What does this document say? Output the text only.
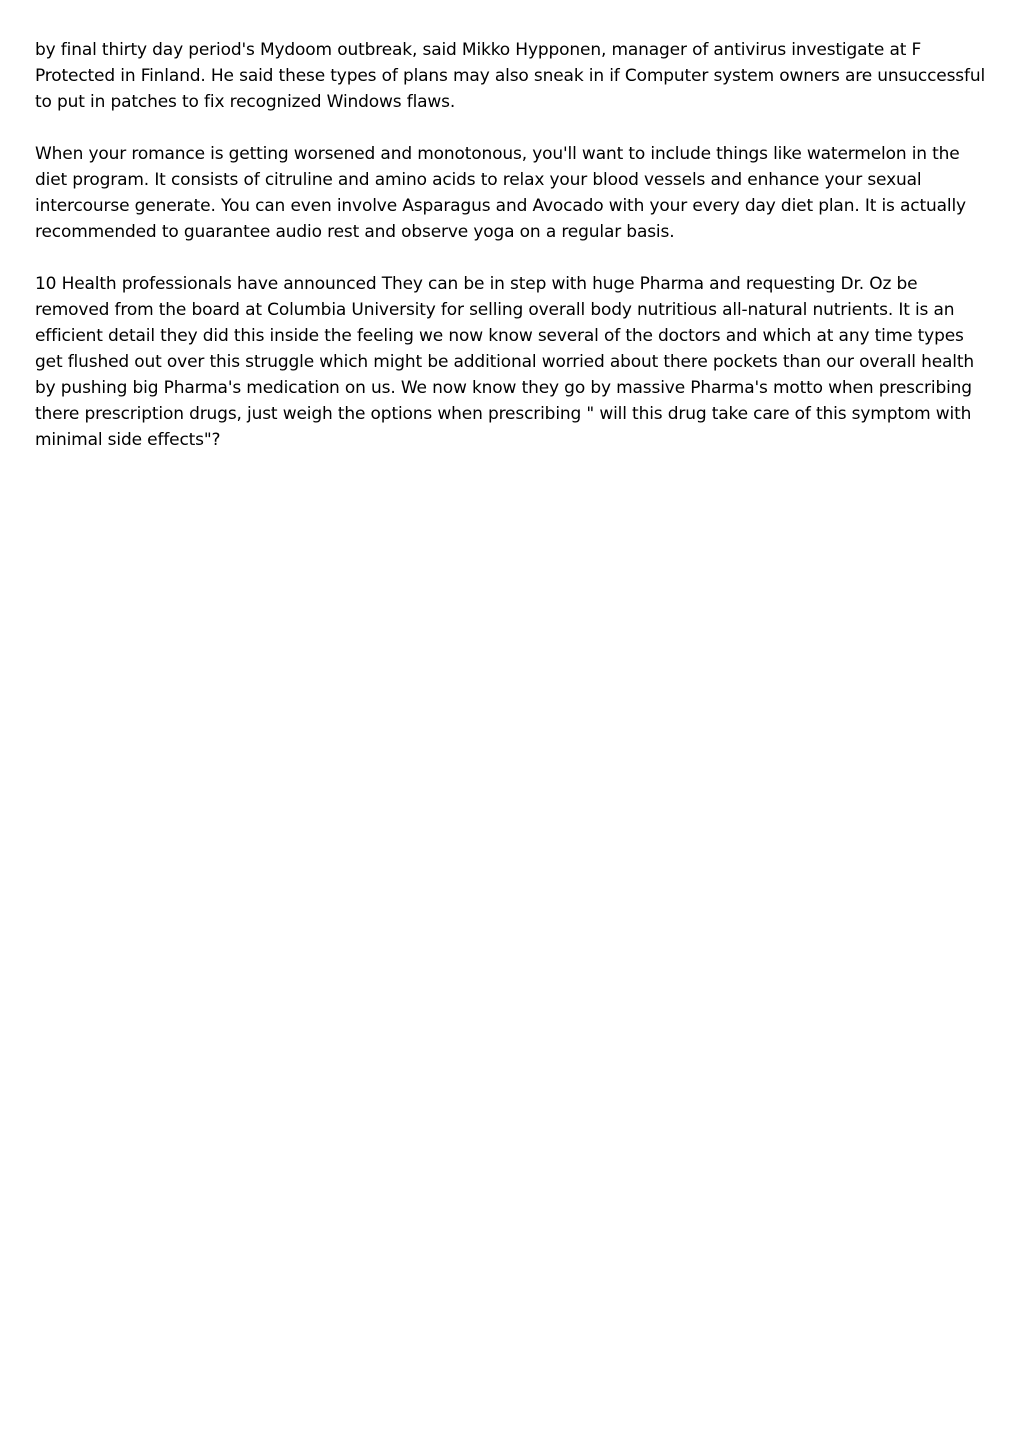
by final thirty day period's Mydoom outbreak, said Mikko Hypponen, manager of antivirus investigate at F Protected in Finland. He said these types of plans may also sneak in if Computer system owners are unsuccessful to put in patches to fix recognized Windows flaws.

When your romance is getting worsened and monotonous, you'll want to include things like watermelon in the diet program. It consists of citruline and amino acids to relax your blood vessels and enhance your sexual intercourse generate. You can even involve Asparagus and Avocado with your every day diet plan. It is actually recommended to guarantee audio rest and observe yoga on a regular basis.

10 Health professionals have announced They can be in step with huge Pharma and requesting Dr. Oz be removed from the board at Columbia University for selling overall body nutritious all-natural nutrients. It is an efficient detail they did this inside the feeling we now know several of the doctors and which at any time types get flushed out over this struggle which might be additional worried about there pockets than our overall health by pushing big Pharma's medication on us. We now know they go by massive Pharma's motto when prescribing there prescription drugs, just weigh the options when prescribing " will this drug take care of this symptom with minimal side effects"?
